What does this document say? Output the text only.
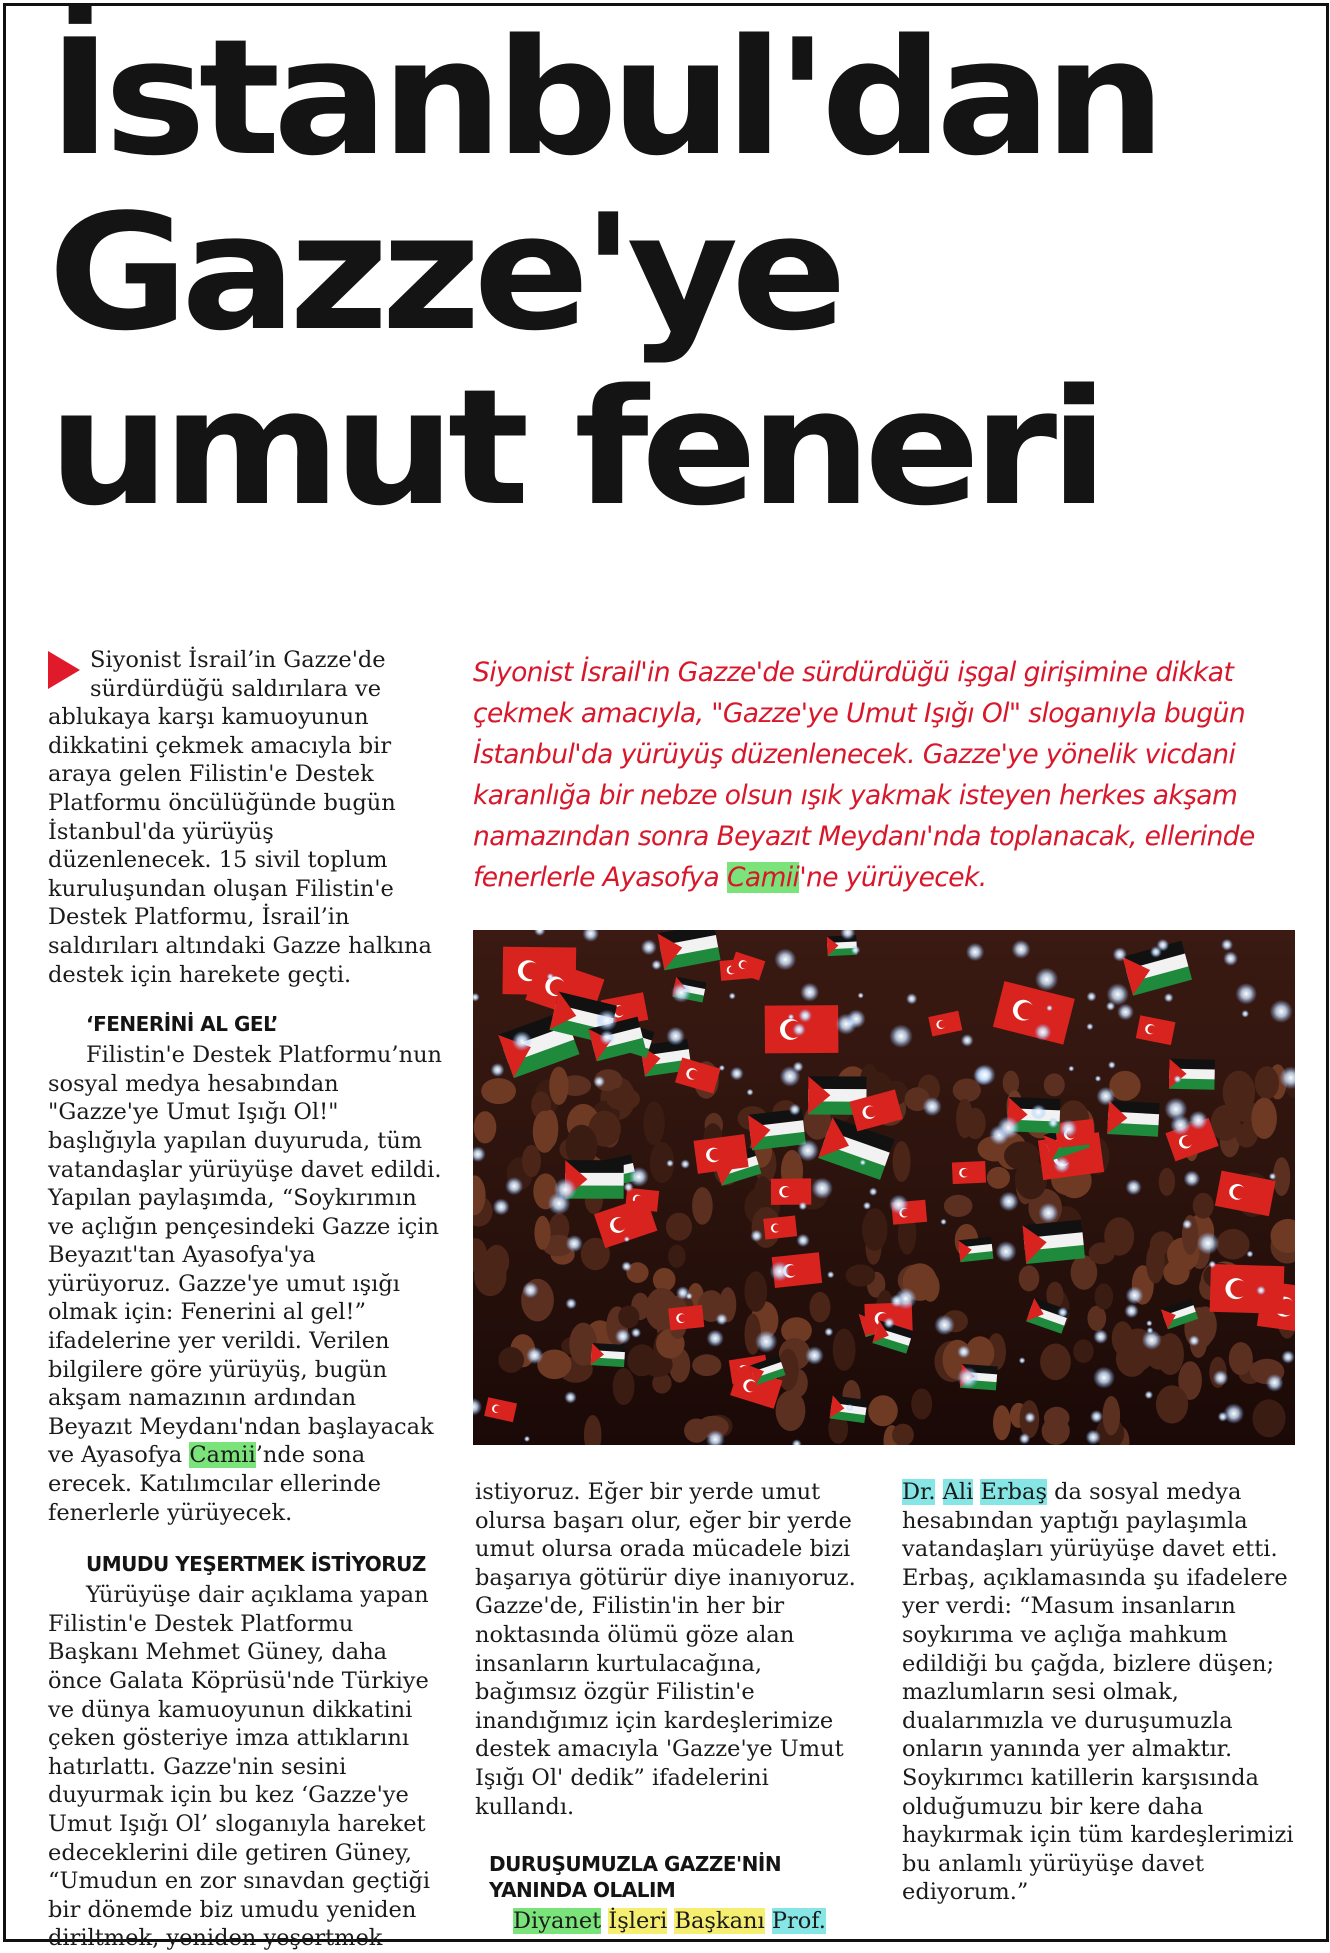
İstanbul'dan
Gazze'ye
umut feneri

Siyonist İsrail’in Gazze'de sürdürdüğü saldırılara ve ablukaya karşı kamuoyunun dikkatini çekmek amacıyla bir araya gelen Filistin'e Destek Platformu öncülüğünde bugün İstanbul'da yürüyüş düzenlenecek. 15 sivil toplum kuruluşundan oluşan Filistin'e Destek Platformu, İsrail’in saldırıları altındaki Gazze halkına destek için harekete geçti.

‘FENERİNİ AL GEL’

Filistin'e Destek Platformu’nun sosyal medya hesabından "Gazze'ye Umut Işığı Ol!" başlığıyla yapılan duyuruda, tüm vatandaşlar yürüyüşe davet edildi. Yapılan paylaşımda, “Soykırımın ve açlığın pençesindeki Gazze için Beyazıt'tan Ayasofya'ya yürüyoruz. Gazze'ye umut ışığı olmak için: Fenerini al gel!” ifadelerine yer verildi. Verilen bilgilere göre yürüyüş, bugün akşam namazının ardından Beyazıt Meydanı'ndan başlayacak ve Ayasofya Camii’nde sona erecek. Katılımcılar ellerinde fenerlerle yürüyecek.

UMUDU YEŞERTMEK İSTİYORUZ

Yürüyüşe dair açıklama yapan Filistin'e Destek Platformu Başkanı Mehmet Güney, daha önce Galata Köprüsü'nde Türkiye ve dünya kamuoyunun dikkatini çeken gösteriye imza attıklarını hatırlattı. Gazze'nin sesini duyurmak için bu kez ‘Gazze'ye Umut Işığı Ol’ sloganıyla hareket edeceklerini dile getiren Güney, “Umudun en zor sınavdan geçtiği bir dönemde biz umudu yeniden diriltmek, yeniden yeşertmek

Siyonist İsrail'in Gazze'de sürdürdüğü işgal girişimine dikkat çekmek amacıyla, "Gazze'ye Umut Işığı Ol" sloganıyla bugün İstanbul'da yürüyüş düzenlenecek. Gazze'ye yönelik vicdani karanlığa bir nebze olsun ışık yakmak isteyen herkes akşam namazından sonra Beyazıt Meydanı'nda toplanacak, ellerinde fenerlerle Ayasofya Camii'ne yürüyecek.

istiyoruz. Eğer bir yerde umut olursa başarı olur, eğer bir yerde umut olursa orada mücadele bizi başarıya götürür diye inanıyoruz. Gazze'de, Filistin'in her bir noktasında ölümü göze alan insanların kurtulacağına, bağımsız özgür Filistin'e inandığımız için kardeşlerimize destek amacıyla 'Gazze'ye Umut Işığı Ol' dedik” ifadelerini kullandı.

DURUŞUMUZLA GAZZE'NİN YANINDA OLALIM

Diyanet İşleri Başkanı Prof.

Dr. Ali Erbaş da sosyal medya hesabından yaptığı paylaşımla vatandaşları yürüyüşe davet etti. Erbaş, açıklamasında şu ifadelere yer verdi: “Masum insanların soykırıma ve açlığa mahkum edildiği bu çağda, bizlere düşen; mazlumların sesi olmak, dualarımızla ve duruşumuzla onların yanında yer almaktır. Soykırımcı katillerin karşısında olduğumuzu bir kere daha haykırmak için tüm kardeşlerimizi bu anlamlı yürüyüşe davet ediyorum.”
